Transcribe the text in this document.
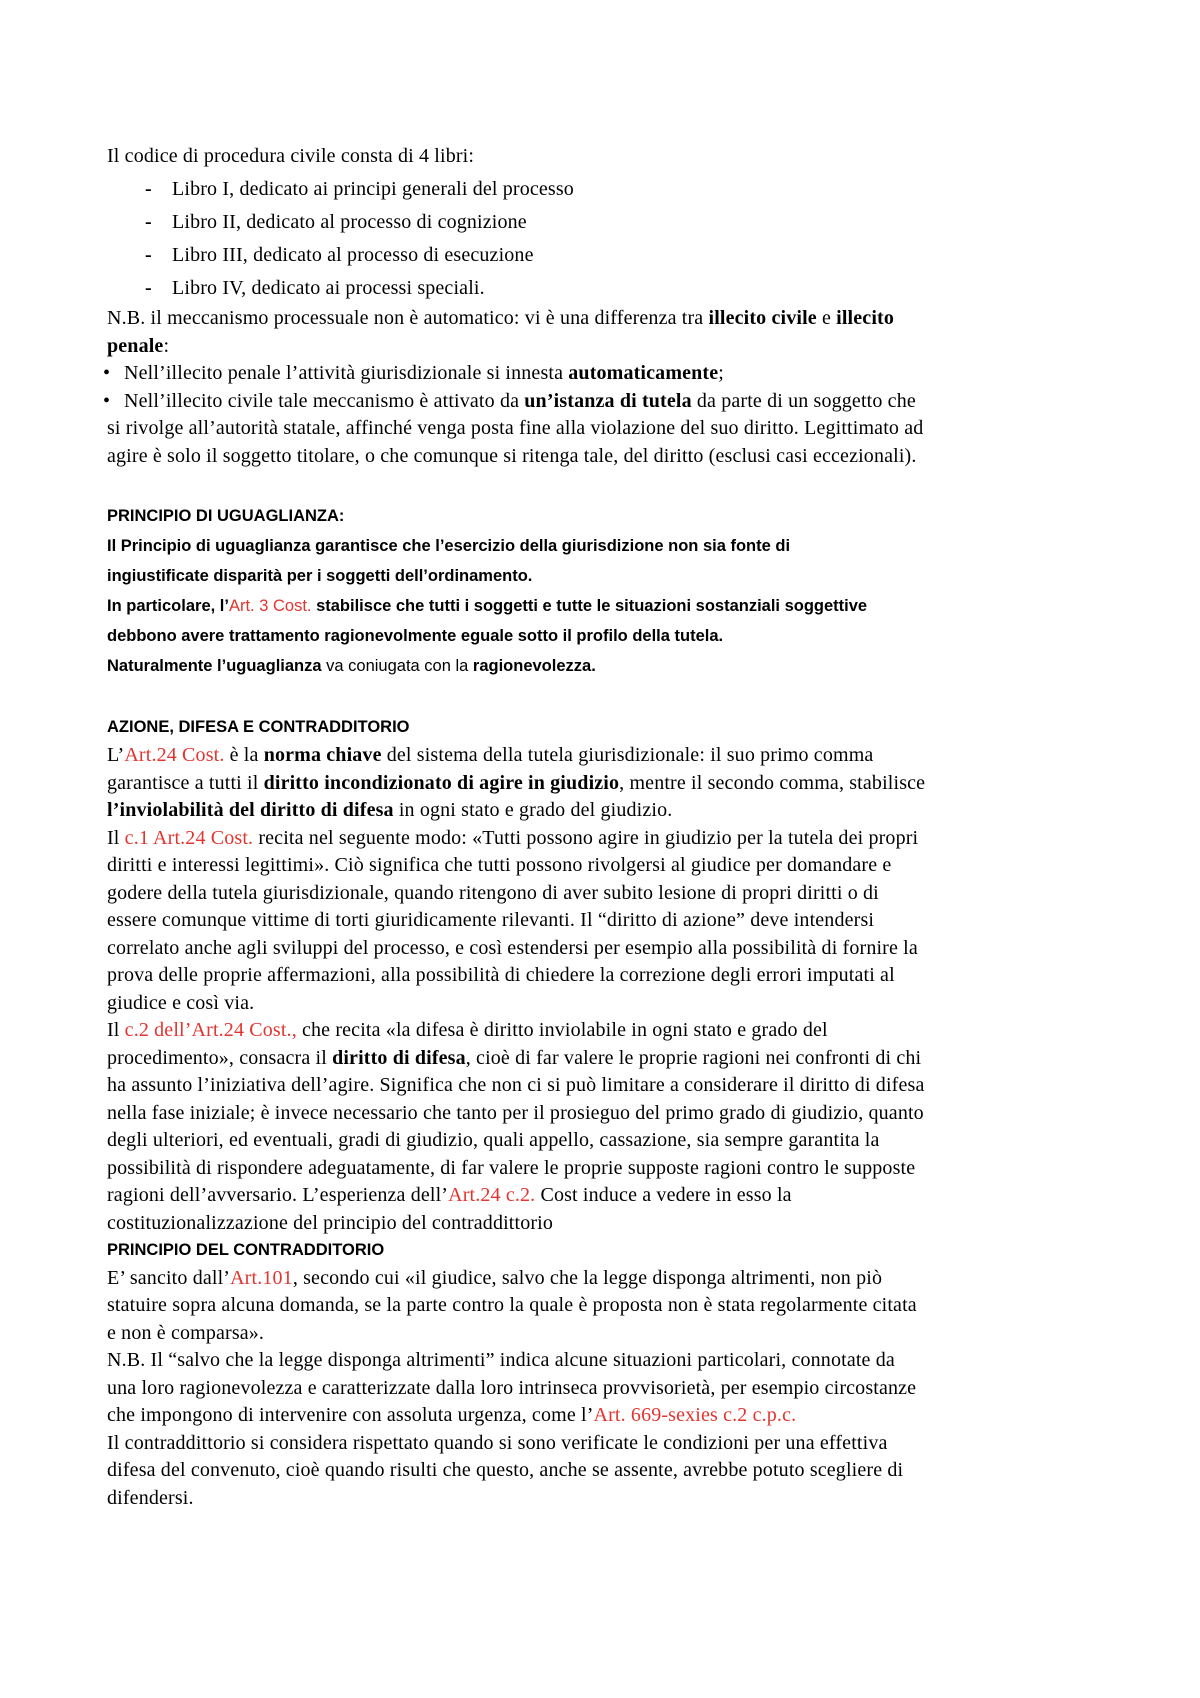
Il codice di procedura civile consta di 4 libri:
- Libro I, dedicato ai principi generali del processo
- Libro II, dedicato al processo di cognizione
- Libro III, dedicato al processo di esecuzione
- Libro IV, dedicato ai processi speciali.
N.B. il meccanismo processuale non è automatico: vi è una differenza tra illecito civile e illecito
penale:
• Nell’illecito penale l’attività giurisdizionale si innesta automaticamente;
• Nell’illecito civile tale meccanismo è attivato da un’istanza di tutela da parte di un soggetto che
si rivolge all’autorità statale, affinché venga posta fine alla violazione del suo diritto. Legittimato ad
agire è solo il soggetto titolare, o che comunque si ritenga tale, del diritto (esclusi casi eccezionali).
PRINCIPIO DI UGUAGLIANZA:
Il Principio di uguaglianza garantisce che l’esercizio della giurisdizione non sia fonte di
ingiustificate disparità per i soggetti dell’ordinamento.
In particolare, l’Art. 3 Cost. stabilisce che tutti i soggetti e tutte le situazioni sostanziali soggettive
debbono avere trattamento ragionevolmente eguale sotto il profilo della tutela.
Naturalmente l’uguaglianza va coniugata con la ragionevolezza.
AZIONE, DIFESA E CONTRADDITORIO
L’Art.24 Cost. è la norma chiave del sistema della tutela giurisdizionale: il suo primo comma
garantisce a tutti il diritto incondizionato di agire in giudizio, mentre il secondo comma, stabilisce
l’inviolabilità del diritto di difesa in ogni stato e grado del giudizio.
Il c.1 Art.24 Cost. recita nel seguente modo: «Tutti possono agire in giudizio per la tutela dei propri
diritti e interessi legittimi». Ciò significa che tutti possono rivolgersi al giudice per domandare e
godere della tutela giurisdizionale, quando ritengono di aver subito lesione di propri diritti o di
essere comunque vittime di torti giuridicamente rilevanti. Il “diritto di azione” deve intendersi
correlato anche agli sviluppi del processo, e così estendersi per esempio alla possibilità di fornire la
prova delle proprie affermazioni, alla possibilità di chiedere la correzione degli errori imputati al
giudice e così via.
Il c.2 dell’Art.24 Cost., che recita «la difesa è diritto inviolabile in ogni stato e grado del
procedimento», consacra il diritto di difesa, cioè di far valere le proprie ragioni nei confronti di chi
ha assunto l’iniziativa dell’agire. Significa che non ci si può limitare a considerare il diritto di difesa
nella fase iniziale; è invece necessario che tanto per il prosieguo del primo grado di giudizio, quanto
degli ulteriori, ed eventuali, gradi di giudizio, quali appello, cassazione, sia sempre garantita la
possibilità di rispondere adeguatamente, di far valere le proprie supposte ragioni contro le supposte
ragioni dell’avversario. L’esperienza dell’Art.24 c.2. Cost induce a vedere in esso la
costituzionalizzazione del principio del contraddittorio
PRINCIPIO DEL CONTRADDITORIO
E’ sancito dall’Art.101, secondo cui «il giudice, salvo che la legge disponga altrimenti, non piò
statuire sopra alcuna domanda, se la parte contro la quale è proposta non è stata regolarmente citata
e non è comparsa».
N.B. Il “salvo che la legge disponga altrimenti” indica alcune situazioni particolari, connotate da
una loro ragionevolezza e caratterizzate dalla loro intrinseca provvisorietà, per esempio circostanze
che impongono di intervenire con assoluta urgenza, come l’Art. 669-sexies c.2 c.p.c.
Il contraddittorio si considera rispettato quando si sono verificate le condizioni per una effettiva
difesa del convenuto, cioè quando risulti che questo, anche se assente, avrebbe potuto scegliere di
difendersi.
